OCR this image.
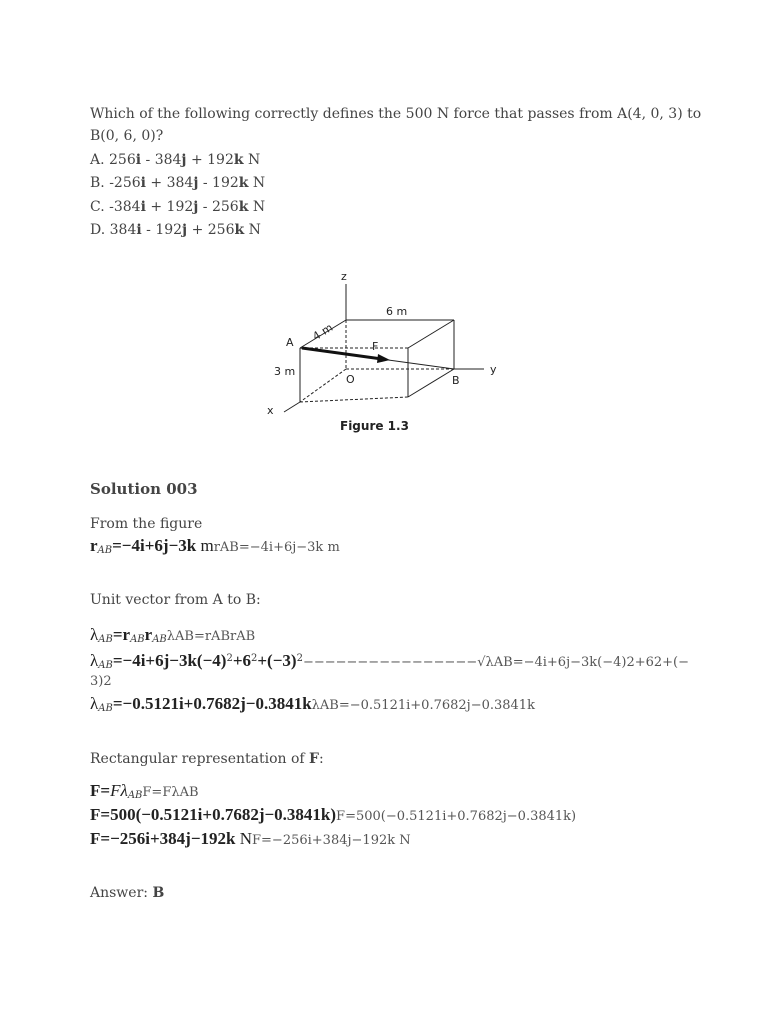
Which of the following correctly defines the 500 N force that passes from A(4, 0, 3) to
B(0, 6, 0)?
A. 256i - 384j + 192k N
B. -256i + 384j - 192k N
C. -384i + 192j - 256k N
D. 384i - 192j + 256k N
z
y
x
A
B
O
F
6 m
3 m
4 m
Figure 1.3
Solution 003
From the figure
$r_{AB}=-4i+6j-3k$ mrAB=−4i+6j−3k m
Unit vector from A to B:
$\lambda_{AB}=r_{AB}r_{AB}\lambda AB=rABrAB$
$\lambda_{AB}=-4i+6j-3k(-4)^2+6^2+(-3)^2----------------√\lambda AB=-4i+6j-3k(-4)2+62+(-$
3)2
$\lambda_{AB}=-0.5121i+0.7682j-0.3841k\lambda AB=-0.5121i+0.7682j-0.3841k$
Rectangular representation of F:
$F=F\lambda_{AB}F=F\lambda AB$
F=500(−0.5121i+0.7682j−0.3841k)F=500(−0.5121i+0.7682j−0.3841k)
F=−256i+384j−192k NF=−256i+384j−192k N
Answer: B
